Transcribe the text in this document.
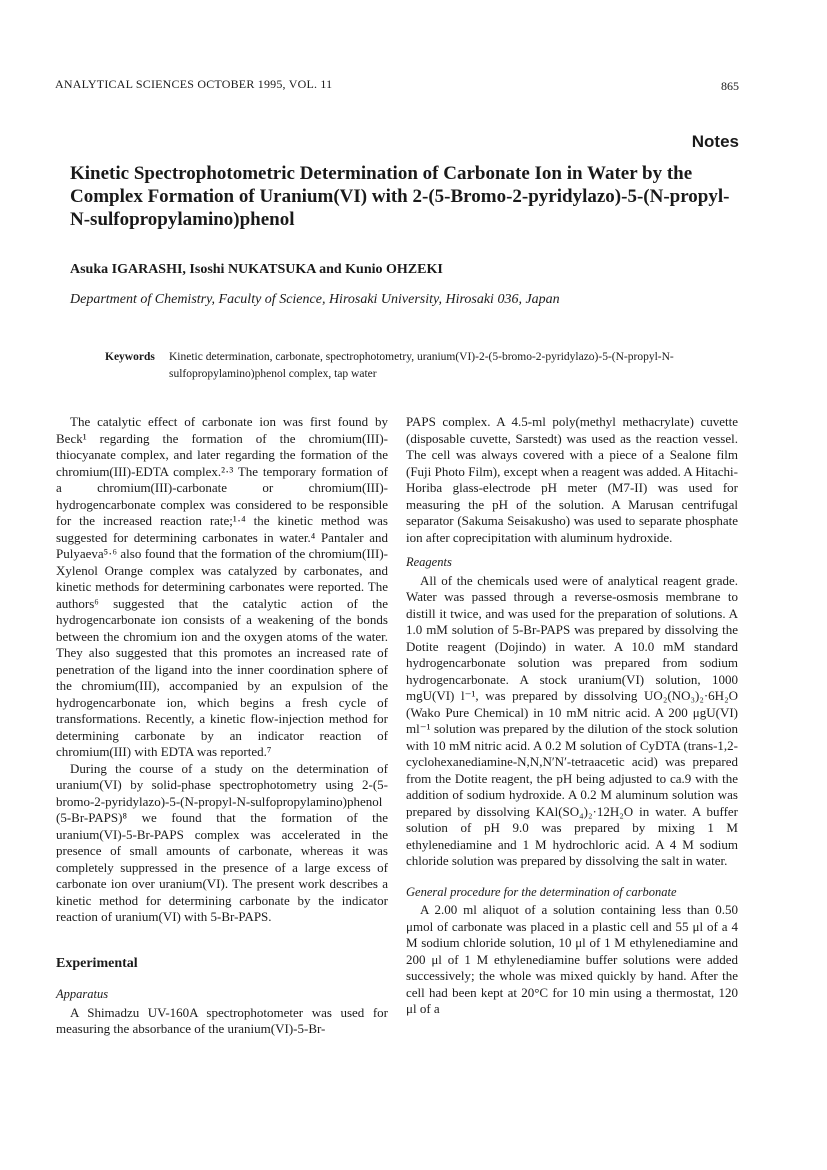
ANALYTICAL SCIENCES OCTOBER 1995, VOL. 11	865
Notes
Kinetic Spectrophotometric Determination of Carbonate Ion in Water by the Complex Formation of Uranium(VI) with 2-(5-Bromo-2-pyridylazo)-5-(N-propyl-N-sulfopropylamino)phenol

Asuka IGARASHI, Isoshi NUKATSUKA and Kunio OHZEKI

Department of Chemistry, Faculty of Science, Hirosaki University, Hirosaki 036, Japan

Keywords Kinetic determination, carbonate, spectrophotometry, uranium(VI)-2-(5-bromo-2-pyridylazo)-5-(N-propyl-N-sulfopropylamino)phenol complex, tap water

The catalytic effect of carbonate ion was first found by Beck¹ regarding the formation of the chromium(III)-thiocyanate complex, and later regarding the formation of the chromium(III)-EDTA complex.²·³ The temporary formation of a chromium(III)-carbonate or chromium(III)-hydrogencarbonate complex was considered to be responsible for the increased reaction rate;¹·⁴ the kinetic method was suggested for determining carbonates in water.⁴ Pantaler and Pulyaeva⁵·⁶ also found that the formation of the chromium(III)-Xylenol Orange complex was catalyzed by carbonates, and kinetic methods for determining carbonates were reported. The authors⁶ suggested that the catalytic action of the hydrogencarbonate ion consists of a weakening of the bonds between the chromium ion and the oxygen atoms of the water. They also suggested that this promotes an increased rate of penetration of the ligand into the inner coordination sphere of the chromium(III), accompanied by an expulsion of the hydrogencarbonate ion, which begins a fresh cycle of transformations. Recently, a kinetic flow-injection method for determining carbonate by an indicator reaction of chromium(III) with EDTA was reported.⁷

During the course of a study on the determination of uranium(VI) by solid-phase spectrophotometry using 2-(5-bromo-2-pyridylazo)-5-(N-propyl-N-sulfopropylamino)phenol (5-Br-PAPS)⁸ we found that the formation of the uranium(VI)-5-Br-PAPS complex was accelerated in the presence of small amounts of carbonate, whereas it was completely suppressed in the presence of a large excess of carbonate ion over uranium(VI). The present work describes a kinetic method for determining carbonate by the indicator reaction of uranium(VI) with 5-Br-PAPS.

Experimental
Apparatus

A Shimadzu UV-160A spectrophotometer was used for measuring the absorbance of the uranium(VI)-5-Br-

PAPS complex. A 4.5-ml poly(methyl methacrylate) cuvette (disposable cuvette, Sarstedt) was used as the reaction vessel. The cell was always covered with a piece of a Sealone film (Fuji Photo Film), except when a reagent was added. A Hitachi-Horiba glass-electrode pH meter (M7-II) was used for measuring the pH of the solution. A Marusan centrifugal separator (Sakuma Seisakusho) was used to separate phosphate ion after coprecipitation with aluminum hydroxide.

Reagents

All of the chemicals used were of analytical reagent grade. Water was passed through a reverse-osmosis membrane to distill it twice, and was used for the preparation of solutions. A 1.0 mM solution of 5-Br-PAPS was prepared by dissolving the Dotite reagent (Dojindo) in water. A 10.0 mM standard hydrogencarbonate solution was prepared from sodium hydrogencarbonate. A stock uranium(VI) solution, 1000 mgU(VI) l⁻¹, was prepared by dissolving UO₂(NO₃)₂·6H₂O (Wako Pure Chemical) in 10 mM nitric acid. A 200 μgU(VI) ml⁻¹ solution was prepared by the dilution of the stock solution with 10 mM nitric acid. A 0.2 M solution of CyDTA (trans-1,2-cyclohexanediamine-N,N,N′N′-tetraacetic acid) was prepared from the Dotite reagent, the pH being adjusted to ca.9 with the addition of sodium hydroxide. A 0.2 M aluminum solution was prepared by dissolving KAl(SO₄)₂·12H₂O in water. A buffer solution of pH 9.0 was prepared by mixing 1 M ethylenediamine and 1 M hydrochloric acid. A 4 M sodium chloride solution was prepared by dissolving the salt in water.

General procedure for the determination of carbonate

A 2.00 ml aliquot of a solution containing less than 0.50 μmol of carbonate was placed in a plastic cell and 55 μl of a 4 M sodium chloride solution, 10 μl of 1 M ethylenediamine and 200 μl of 1 M ethylenediamine buffer solutions were added successively; the whole was mixed quickly by hand. After the cell had been kept at 20°C for 10 min using a thermostat, 120 μl of a
